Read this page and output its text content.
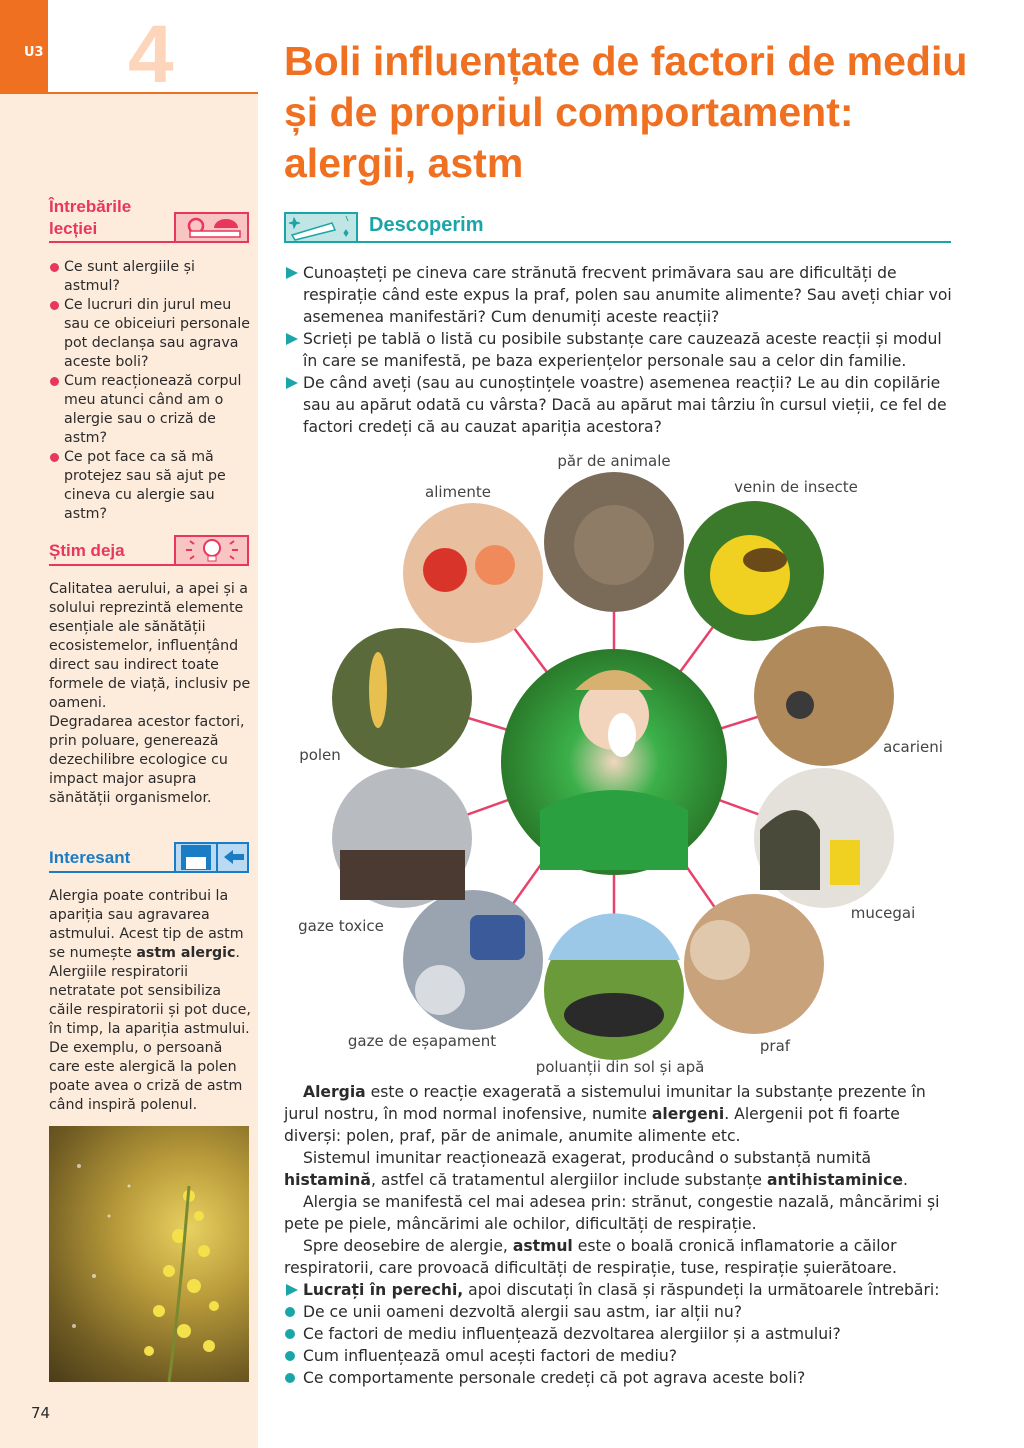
U3 4
Întrebările lecției
Ce sunt alergiile și astmul?
Ce lucruri din jurul meu sau ce obiceiuri personale pot declanșa sau agrava aceste boli?
Cum reacționează corpul meu atunci când am o alergie sau o criză de astm?
Ce pot face ca să mă protejez sau să ajut pe cineva cu alergie sau astm?
Știm deja

Calitatea aerului, a apei și a solului reprezintă elemente esențiale ale sănătății ecosistemelor, influențând direct sau indirect toate formele de viață, inclusiv pe oameni.

Degradarea acestor factori, prin poluare, generează dezechilibre ecologice cu impact major asupra sănătății organismelor.

Interesant

Alergia poate contribui la apariția sau agravarea astmului. Acest tip de astm se numește astm alergic. Alergiile respiratorii netratate pot sensibiliza căile respiratorii și pot duce, în timp, la apariția astmului. De exemplu, o persoană care este alergică la polen poate avea o criză de astm când inspiră polenul.

74
Boli influențate de factori de mediu și de propriul comportament: alergii, astm
Descoperim
Cunoașteți pe cineva care strănută frecvent primăvara sau are dificultăți de respirație când este expus la praf, polen sau anumite alimente? Sau aveți chiar voi asemenea manifestări? Cum denumiți aceste reacții?
Scrieți pe tablă o listă cu posibile substanțe care cauzează aceste reacții și modul în care se manifestă, pe baza experiențelor personale sau a celor din familie.
De când aveți (sau au cunoștințele voastre) asemenea reacții? Le au din copilărie sau au apărut odată cu vârsta? Dacă au apărut mai târziu în cursul vieții, ce fel de factori credeți că au cauzat apariția acestora?
alimente
păr de animale
venin de insecte
acarieni
mucegai
praf
poluanții din sol și apă
gaze de eșapament
gaze toxice
polen

Alergia este o reacție exagerată a sistemului imunitar la substanțe prezente în jurul nostru, în mod normal inofensive, numite alergeni. Alergenii pot fi foarte diverși: polen, praf, păr de animale, anumite alimente etc.

Sistemul imunitar reacționează exagerat, producând o substanță numită histamină, astfel că tratamentul alergiilor include substanțe antihistaminice.

Alergia se manifestă cel mai adesea prin: strănut, congestie nazală, mâncărimi și pete pe piele, mâncărimi ale ochilor, dificultăți de respirație.

Spre deosebire de alergie, astmul este o boală cronică inflamatorie a căilor respiratorii, care provoacă dificultăți de respirație, tuse, respirație șuierătoare.

Lucrați în perechi, apoi discutați în clasă și răspundeți la următoarele întrebări:
De ce unii oameni dezvoltă alergii sau astm, iar alții nu?
Ce factori de mediu influențează dezvoltarea alergiilor și a astmului?
Cum influențează omul acești factori de mediu?
Ce comportamente personale credeți că pot agrava aceste boli?
